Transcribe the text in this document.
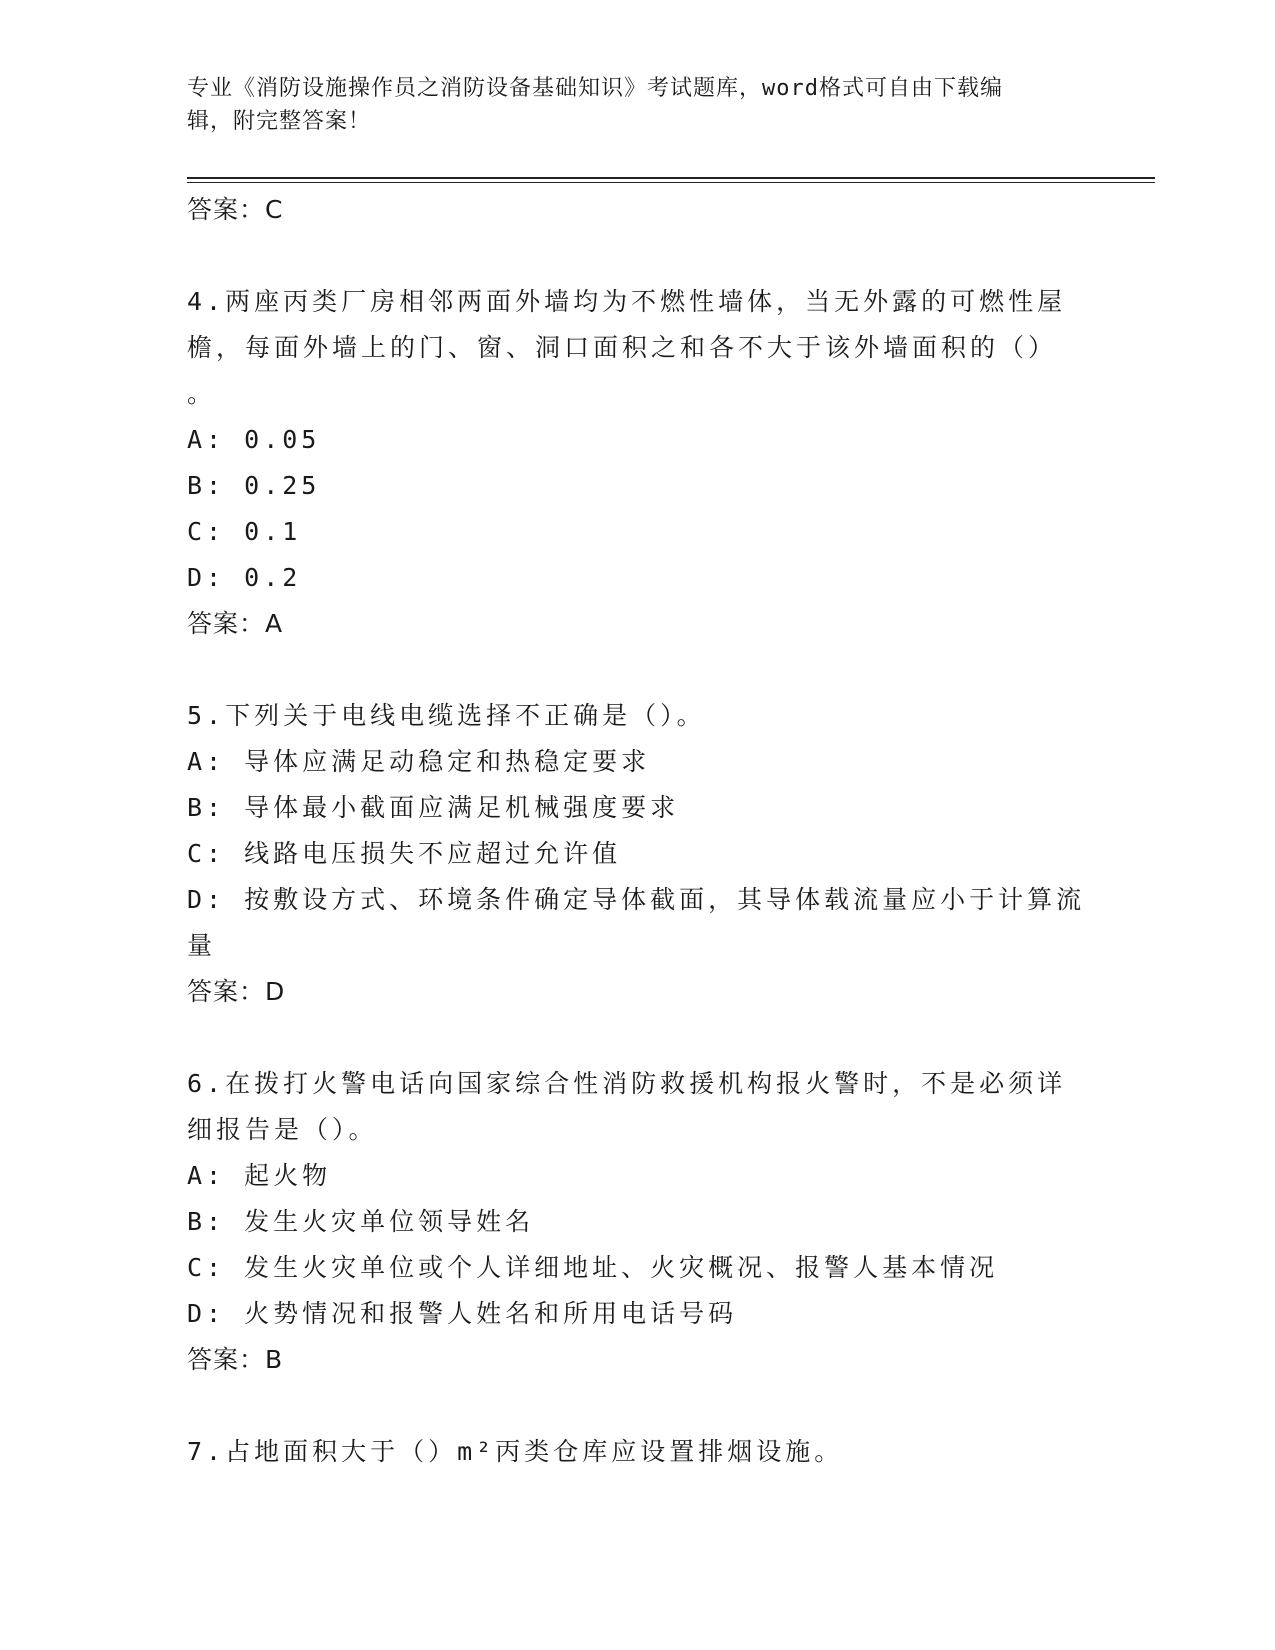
专业《消防设施操作员之消防设备基础知识》考试题库，word格式可自由下载编
辑，附完整答案！
答案：C
4.两座丙类厂房相邻两面外墙均为不燃性墙体，当无外露的可燃性屋
檐，每面外墙上的门、窗、洞口面积之和各不大于该外墙面积的（）
。
A: 0.05
B: 0.25
C: 0.1
D: 0.2
答案：A
5.下列关于电线电缆选择不正确是（）。
A: 导体应满足动稳定和热稳定要求
B: 导体最小截面应满足机械强度要求
C: 线路电压损失不应超过允许值
D: 按敷设方式、环境条件确定导体截面，其导体载流量应小于计算流
量
答案：D
6.在拨打火警电话向国家综合性消防救援机构报火警时，不是必须详
细报告是（）。
A: 起火物
B: 发生火灾单位领导姓名
C: 发生火灾单位或个人详细地址、火灾概况、报警人基本情况
D: 火势情况和报警人姓名和所用电话号码
答案：B
7.占地面积大于（）m²丙类仓库应设置排烟设施。
